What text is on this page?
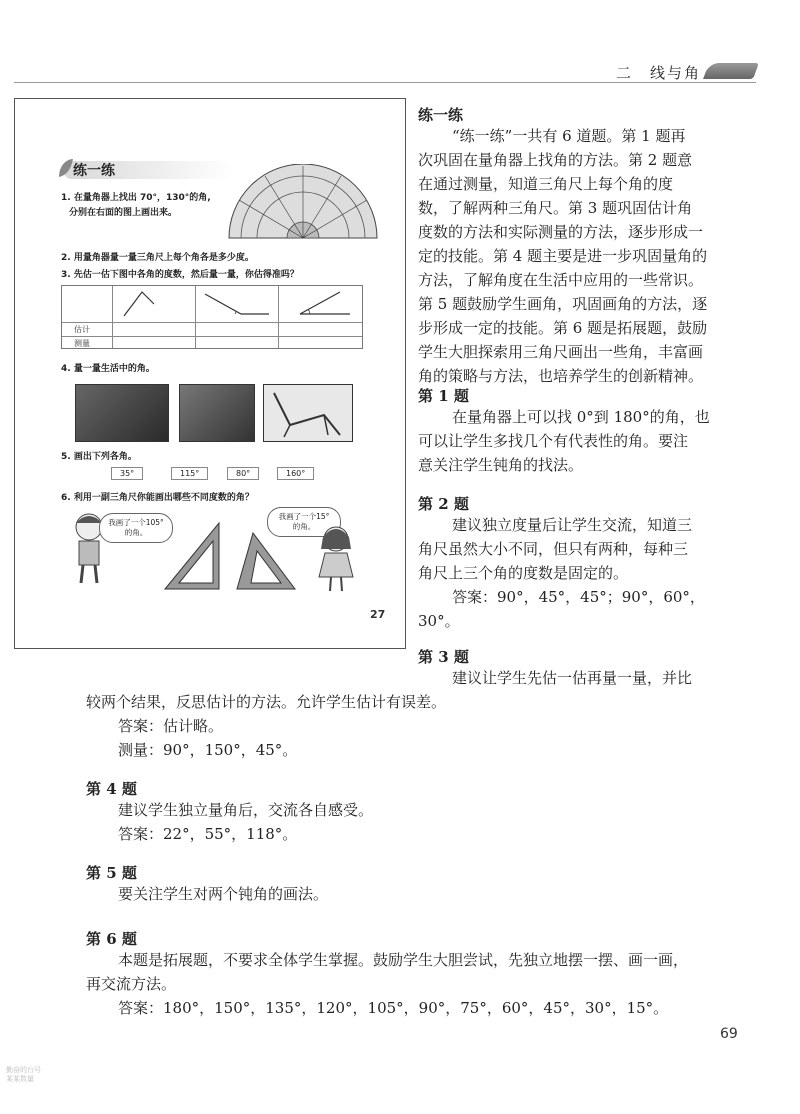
二　线与角
练一练
1. 在量角器上找出 70°，130°的角,
分别在右面的图上画出来。
2. 用量角器量一量三角尺上每个角各是多少度。
3. 先估一估下图中各角的度数，然后量一量，你估得准吗？
估计
测量
4. 量一量生活中的角。
5. 画出下列各角。
35°	115°	80°	160°
6. 利用一副三角尺你能画出哪些不同度数的角？
我画了一个105°的角。
我画了一个15°的角。
27
练一练
“练一练”一共有 6 道题。第 1 题再
次巩固在量角器上找角的方法。第 2 题意
在通过测量，知道三角尺上每个角的度
数，了解两种三角尺。第 3 题巩固估计角
度数的方法和实际测量的方法，逐步形成一
定的技能。第 4 题主要是进一步巩固量角的
方法，了解角度在生活中应用的一些常识。
第 5 题鼓励学生画角，巩固画角的方法，逐
步形成一定的技能。第 6 题是拓展题，鼓励
学生大胆探索用三角尺画出一些角，丰富画
角的策略与方法，也培养学生的创新精神。
第 1 题
在量角器上可以找 0°到 180°的角，也
可以让学生多找几个有代表性的角。要注
意关注学生钝角的找法。
第 2 题
建议独立度量后让学生交流，知道三
角尺虽然大小不同，但只有两种，每种三
角尺上三个角的度数是固定的。
答案：90°，45°，45°；90°，60°，
30°。
第 3 题
建议让学生先估一估再量一量，并比
较两个结果，反思估计的方法。允许学生估计有误差。
答案：估计略。
测量：90°，150°，45°。
第 4 题
建议学生独立量角后，交流各自感受。
答案：22°，55°，118°。
第 5 题
要关注学生对两个钝角的画法。
第 6 题
本题是拓展题，不要求全体学生掌握。鼓励学生大胆尝试，先独立地摆一摆、画一画，
再交流方法。
答案：180°，150°，135°，120°，105°，90°，75°，60°，45°，30°，15°。
69
勤奋的台号
某某数量
